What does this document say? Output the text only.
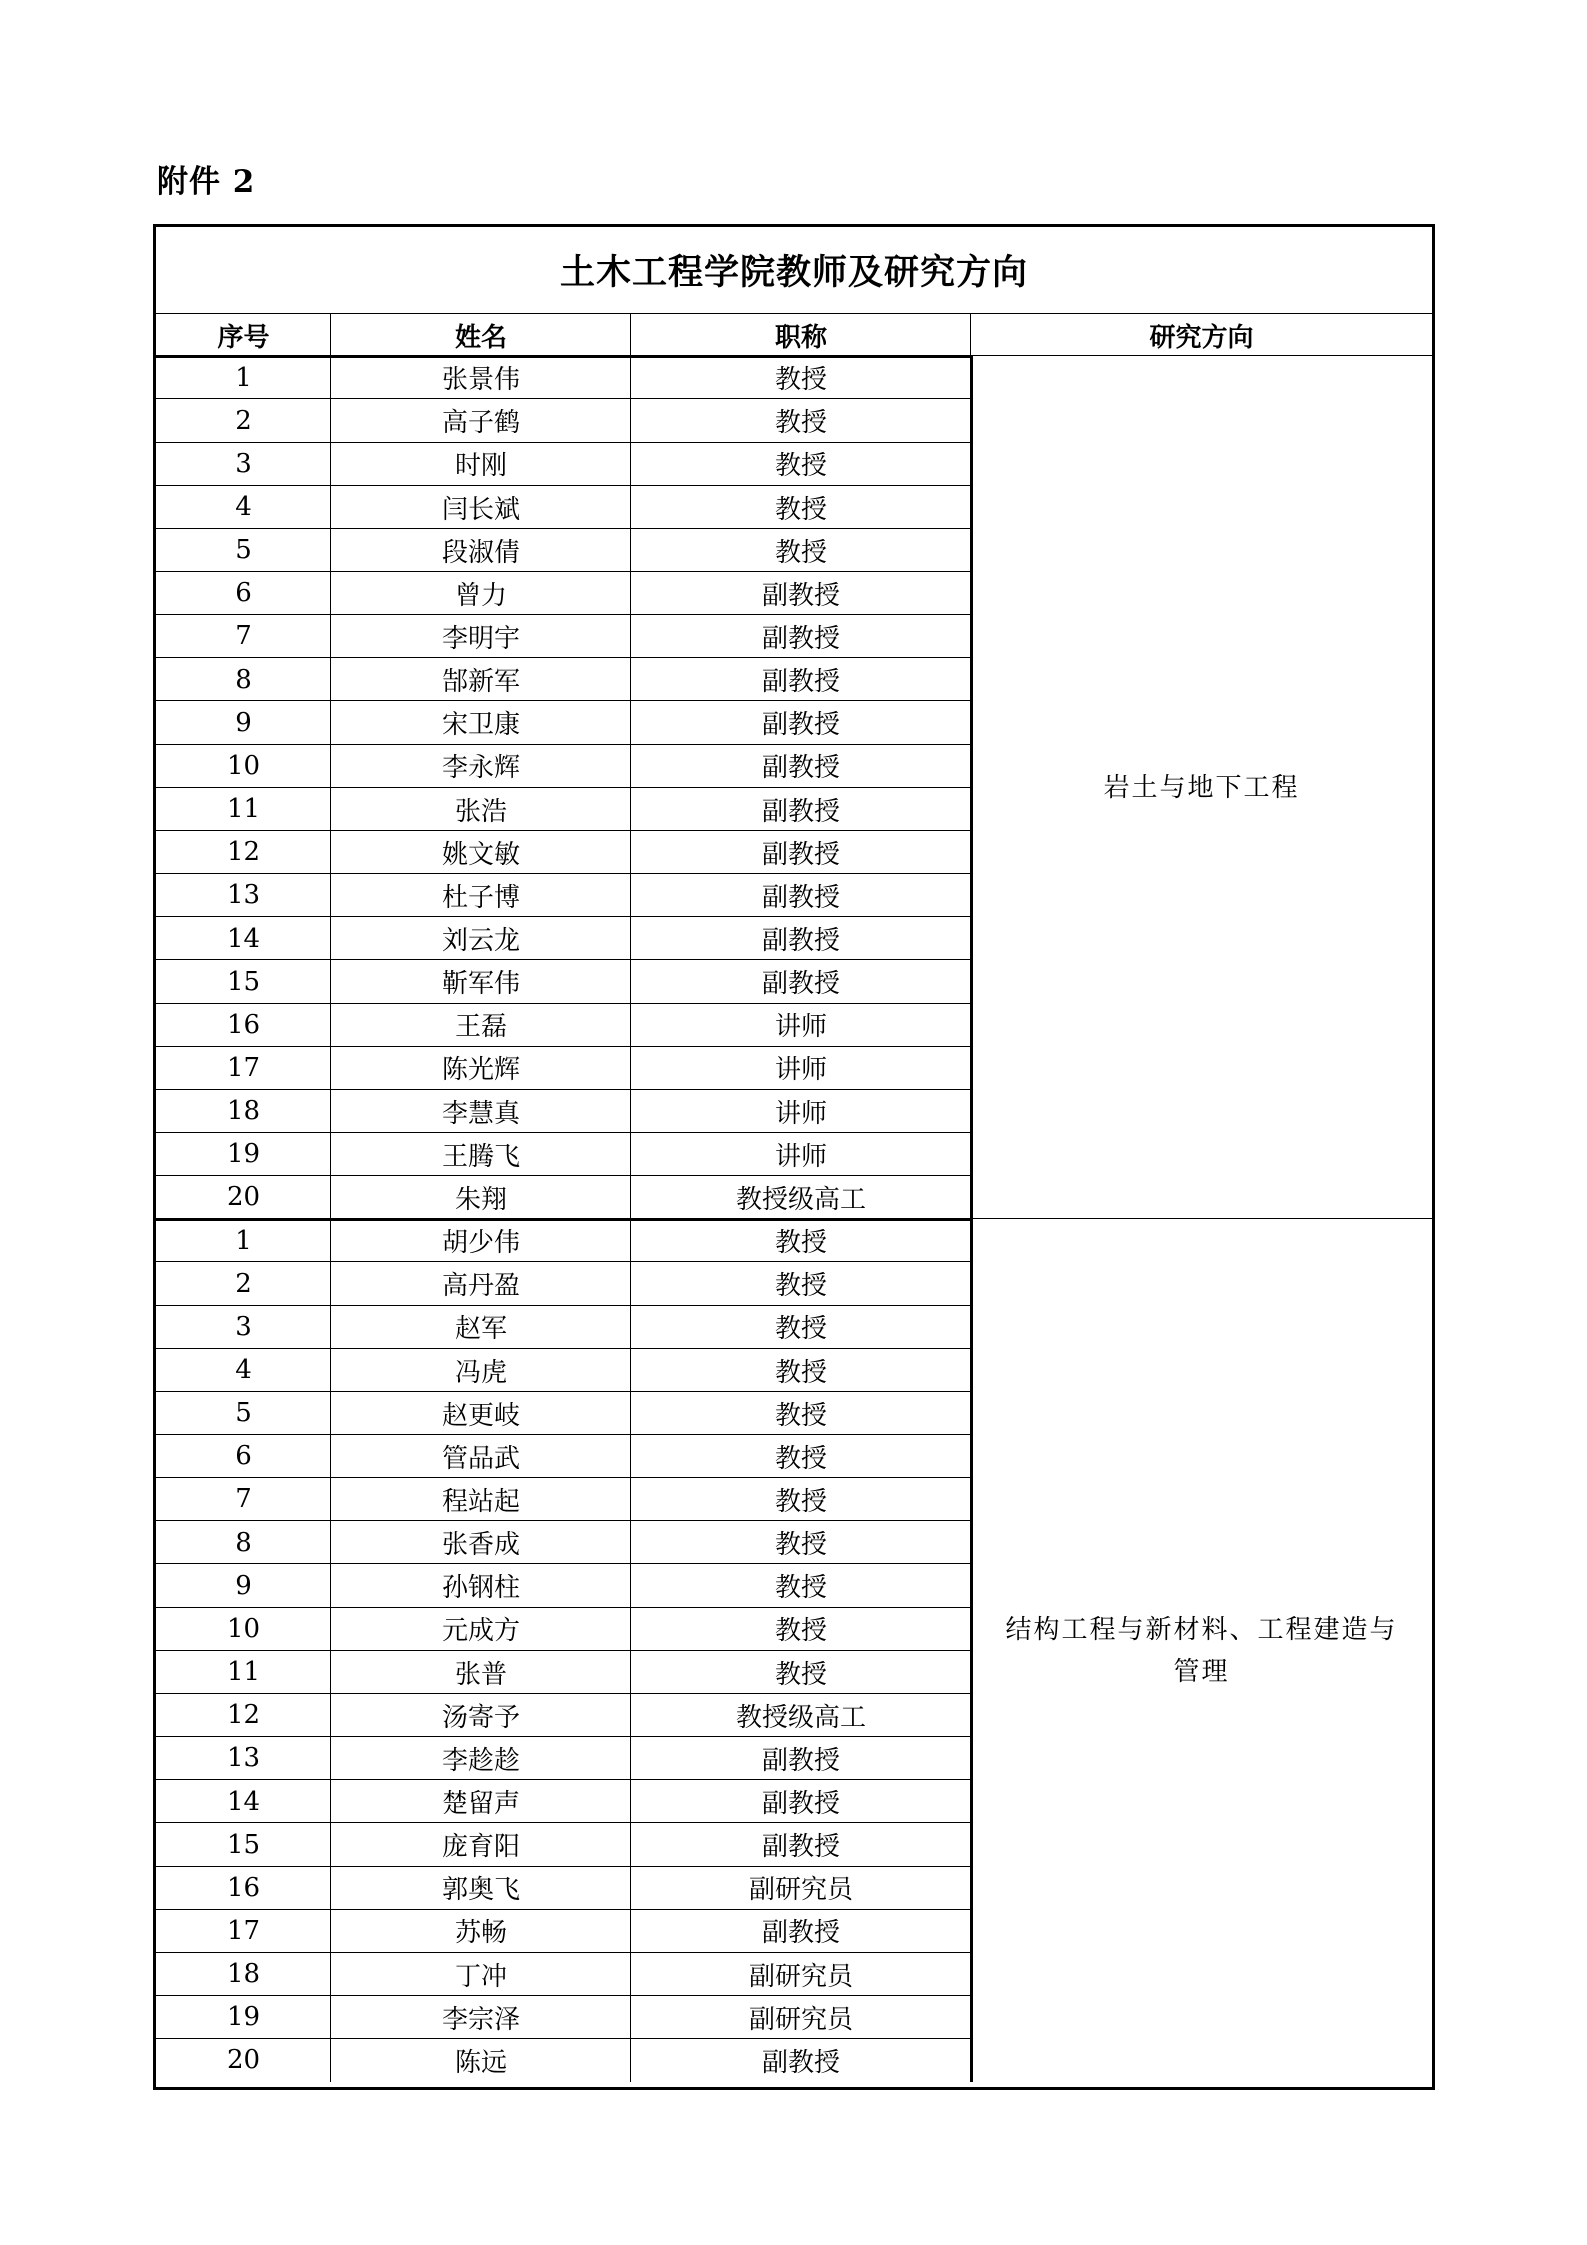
附件 2
土木工程学院教师及研究方向
序号	姓名	职称	研究方向
1	张景伟	教授
2	高子鹤	教授
3	时刚	教授
4	闫长斌	教授
5	段淑倩	教授
6	曾力	副教授
7	李明宇	副教授
8	郜新军	副教授
9	宋卫康	副教授
10	李永辉	副教授
11	张浩	副教授
12	姚文敏	副教授
13	杜子博	副教授
14	刘云龙	副教授
15	靳军伟	副教授
16	王磊	讲师
17	陈光辉	讲师
18	李慧真	讲师
19	王腾飞	讲师
20	朱翔	教授级高工
岩土与地下工程
1	胡少伟	教授
2	高丹盈	教授
3	赵军	教授
4	冯虎	教授
5	赵更岐	教授
6	管品武	教授
7	程站起	教授
8	张香成	教授
9	孙钢柱	教授
10	元成方	教授
11	张普	教授
12	汤寄予	教授级高工
13	李趁趁	副教授
14	楚留声	副教授
15	庞育阳	副教授
16	郭奥飞	副研究员
17	苏畅	副教授
18	丁冲	副研究员
19	李宗泽	副研究员
20	陈远	副教授
结构工程与新材料、工程建造与管理
